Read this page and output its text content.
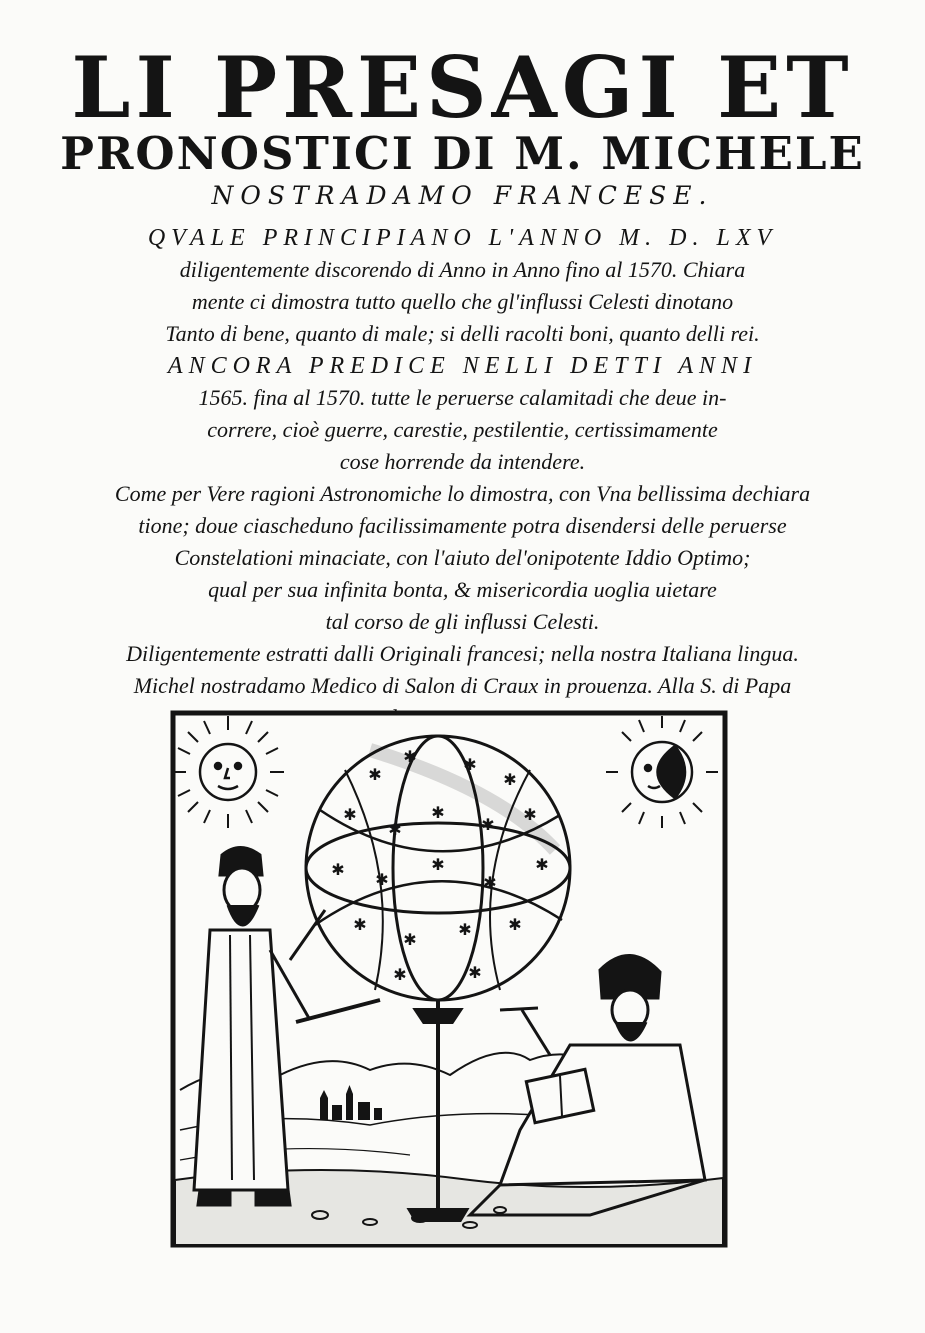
LI PRESAGI ET
PRONOSTICI DI M. MICHELE
NOSTRADAMO FRANCESE.
QVALE PRINCIPIANO L'ANNO M. D. LXV
diligentemente discorendo di Anno in Anno fino al 1570. Chiara
mente ci dimostra tutto quello che gl'influssi Celesti dinotano
Tanto di bene, quanto di male; si delli racolti boni, quanto delli rei.
ANCORA PREDICE NELLI DETTI ANNI
1565. fina al 1570. tutte le peruerse calamitadi che deue in-
correre, cioè guerre, carestie, pestilentie, certissimamente
cose horrende da intendere.
Come per Vere ragioni Astronomiche lo dimostra, con Vna bellissima dechiara
tione; doue ciascheduno facilissimamente potra disendersi delle peruerse
Constelationi minaciate, con l'aiuto del'onipotente Iddio Optimo;
qual per sua infinita bonta, & misericordia uoglia uietare
tal corso de gli influssi Celesti.
Diligentemente estratti dalli Originali francesi; nella nostra Italiana lingua.
Michel nostradamo Medico di Salon di Craux in prouenza. Alla S. di Papa
✱
✱	✱
✱
✱
✱
✱
✱
✱
✱
✱
✱
✱
✱
✱
✱
✱ ✱
✱	✱
